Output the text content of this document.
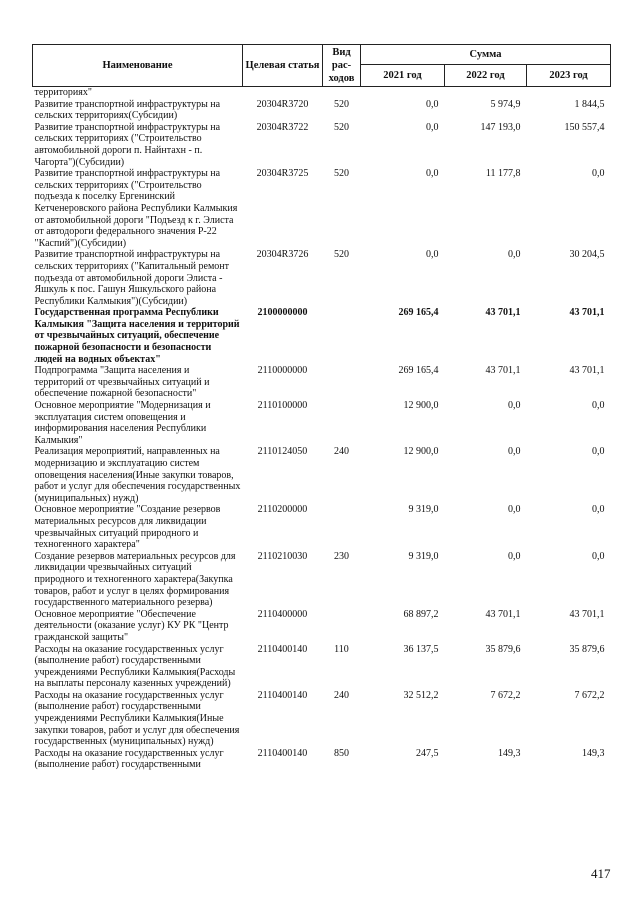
Наименование	Целевая статья	Вид рас-ходов	Сумма		
			2021 год	2022 год	2023 год
территориях"					
Развитие транспортной инфраструктуры на сельских территориях(Субсидии)	20304R3720	520	0,0	5 974,9	1 844,5
Развитие транспортной инфраструктуры на сельских территориях ("Строительство автомобильной дороги п. Найнтахн - п. Чагорта")(Субсидии)	20304R3722	520	0,0	147 193,0	150 557,4
Развитие транспортной инфраструктуры на сельских территориях ("Строительство подъезда к поселку Ергенинский Кетченеровского района Республики Калмыкия от автомобильной дороги "Подъезд к г. Элиста от автодороги федерального значения Р-22 "Каспий")(Субсидии)	20304R3725	520	0,0	11 177,8	0,0
Развитие транспортной инфраструктуры на сельских территориях ("Капитальный ремонт подъезда от автомобильной дороги Элиста - Яшкуль к пос. Гашун Яшкульского района Республики Калмыкия")(Субсидии)	20304R3726	520	0,0	0,0	30 204,5
Государственная программа Республики Калмыкия "Защита населения и территорий от чрезвычайных ситуаций, обеспечение пожарной безопасности и безопасности людей на водных объектах"	2100000000		269 165,4	43 701,1	43 701,1
Подпрограмма "Защита населения и территорий от чрезвычайных ситуаций и обеспечение пожарной безопасности"	2110000000		269 165,4	43 701,1	43 701,1
Основное мероприятие "Модернизация и эксплуатация систем оповещения и информирования населения Республики Калмыкия"	2110100000		12 900,0	0,0	0,0
Реализация мероприятий, направленных на модернизацию и эксплуатацию систем оповещения населения(Иные закупки товаров, работ и услуг для обеспечения государственных (муниципальных) нужд)	2110124050	240	12 900,0	0,0	0,0
Основное мероприятие "Создание резервов материальных ресурсов для ликвидации чрезвычайных ситуаций природного и техногенного характера"	2110200000		9 319,0	0,0	0,0
Создание резервов материальных ресурсов для ликвидации чрезвычайных ситуаций природного и техногенного характера(Закупка товаров, работ и услуг в целях формирования государственного материального резерва)	2110210030	230	9 319,0	0,0	0,0
Основное мероприятие "Обеспечение деятельности (оказание услуг) КУ РК "Центр гражданской защиты"	2110400000		68 897,2	43 701,1	43 701,1
Расходы на оказание государственных услуг (выполнение работ) государственными учреждениями Республики Калмыкия(Расходы на выплаты персоналу казенных учреждений)	2110400140	110	36 137,5	35 879,6	35 879,6
Расходы на оказание государственных услуг (выполнение работ) государственными учреждениями Республики Калмыкия(Иные закупки товаров, работ и услуг для обеспечения государственных (муниципальных) нужд)	2110400140	240	32 512,2	7 672,2	7 672,2
Расходы на оказание государственных услуг (выполнение работ) государственными	2110400140	850	247,5	149,3	149,3
417
